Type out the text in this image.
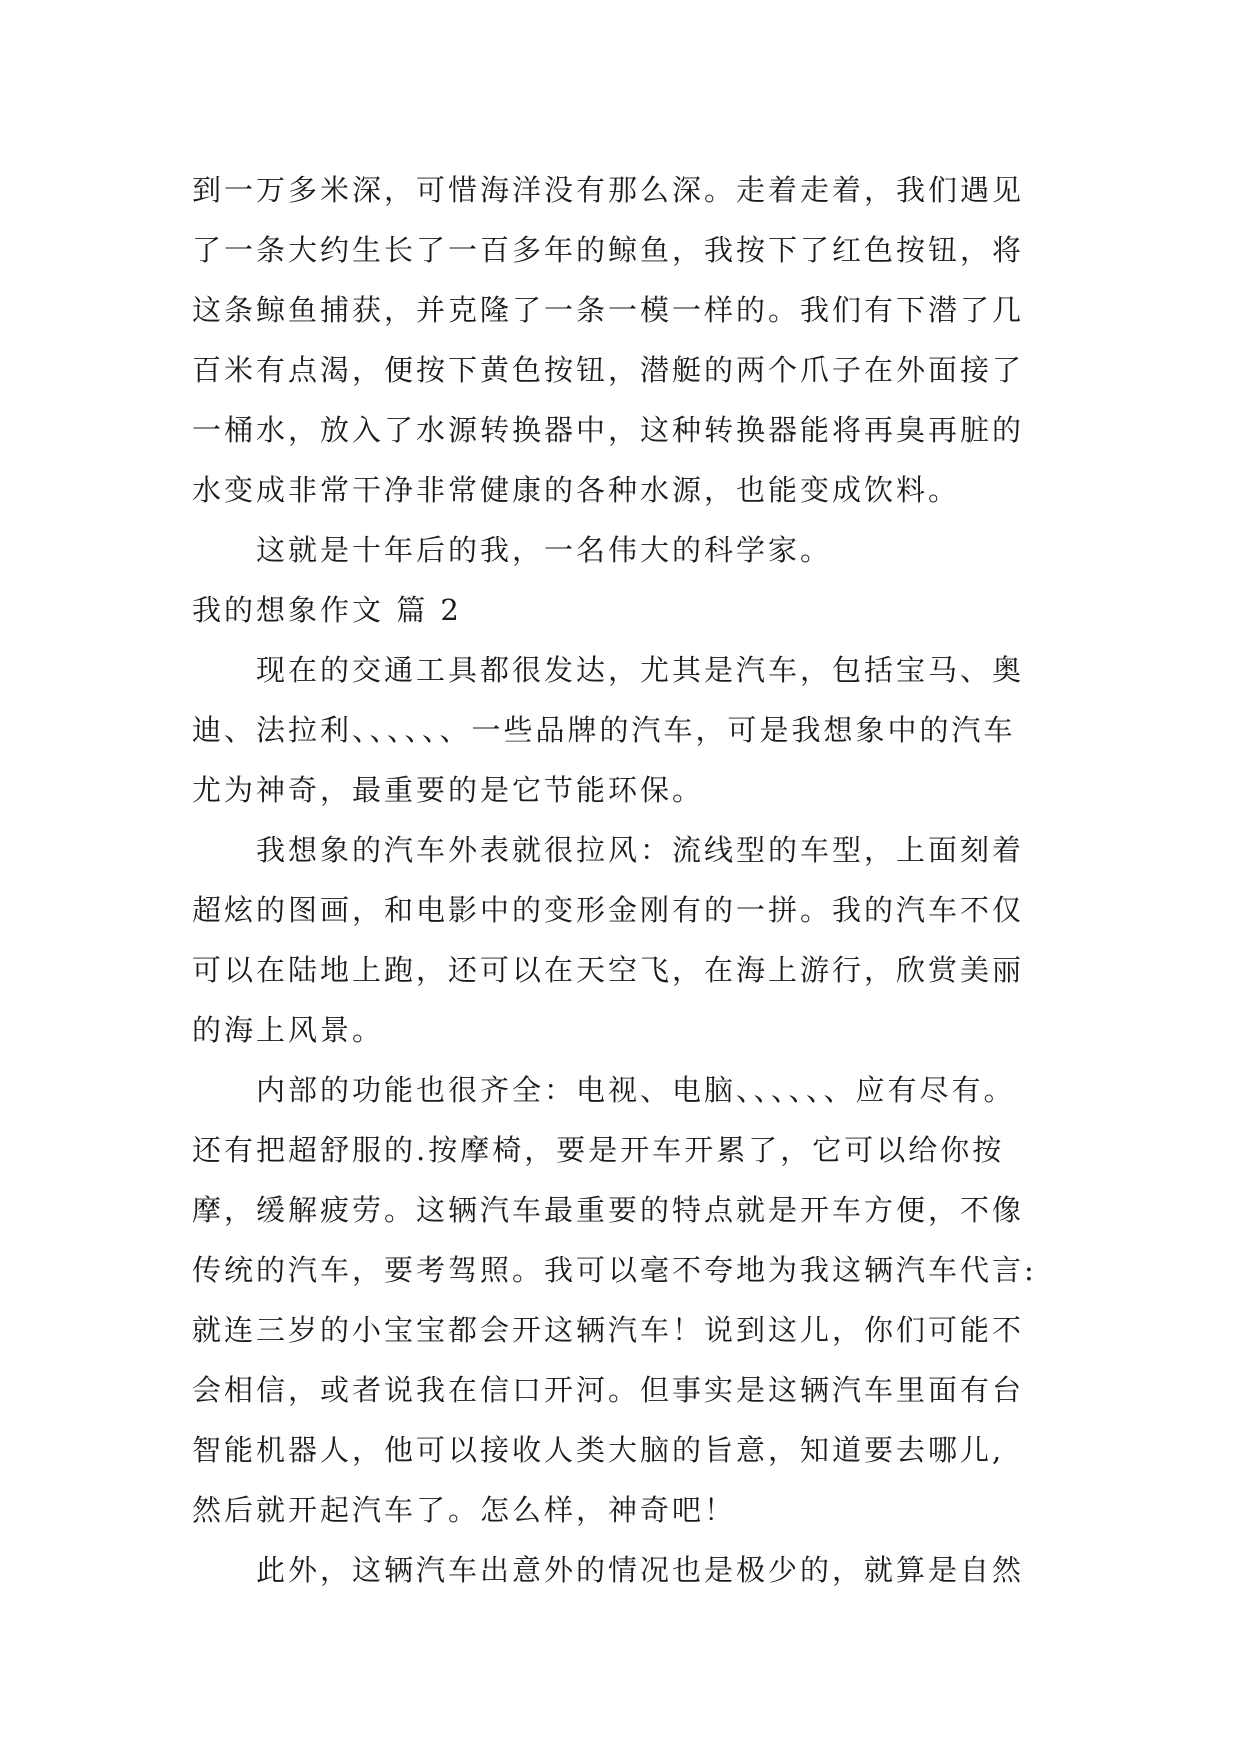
到一万多米深，可惜海洋没有那么深。走着走着，我们遇见
了一条大约生长了一百多年的鲸鱼，我按下了红色按钮，将
这条鲸鱼捕获，并克隆了一条一模一样的。我们有下潜了几
百米有点渴，便按下黄色按钮，潜艇的两个爪子在外面接了
一桶水，放入了水源转换器中，这种转换器能将再臭再脏的
水变成非常干净非常健康的各种水源，也能变成饮料。
这就是十年后的我，一名伟大的科学家。
我的想象作文 篇 2
现在的交通工具都很发达，尤其是汽车，包括宝马、奥
迪、法拉利、、、、、、一些品牌的汽车，可是我想象中的汽车
尤为神奇，最重要的是它节能环保。
我想象的汽车外表就很拉风：流线型的车型，上面刻着
超炫的图画，和电影中的变形金刚有的一拼。我的汽车不仅
可以在陆地上跑，还可以在天空飞，在海上游行，欣赏美丽
的海上风景。
内部的功能也很齐全：电视、电脑、、、、、、应有尽有。
还有把超舒服的.按摩椅，要是开车开累了，它可以给你按
摩，缓解疲劳。这辆汽车最重要的特点就是开车方便，不像
传统的汽车，要考驾照。我可以毫不夸地为我这辆汽车代言:
就连三岁的小宝宝都会开这辆汽车！说到这儿，你们可能不
会相信，或者说我在信口开河。但事实是这辆汽车里面有台
智能机器人，他可以接收人类大脑的旨意，知道要去哪儿,
然后就开起汽车了。怎么样，神奇吧！
此外，这辆汽车出意外的情况也是极少的，就算是自然
